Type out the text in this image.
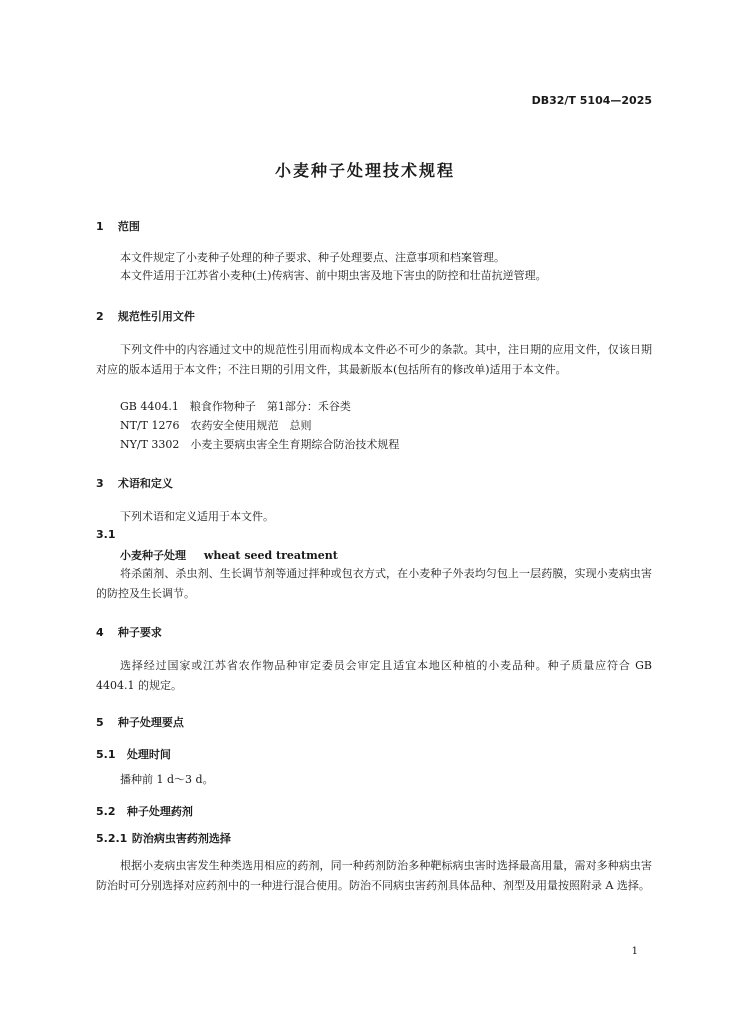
DB32/T 5104—2025
小麦种子处理技术规程
1 范围
本文件规定了小麦种子处理的种子要求、种子处理要点、注意事项和档案管理。
本文件适用于江苏省小麦种(土)传病害、前中期虫害及地下害虫的防控和壮苗抗逆管理。
2 规范性引用文件
下列文件中的内容通过文中的规范性引用而构成本文件必不可少的条款。其中，注日期的应用文件，仅该日期对应的版本适用于本文件；不注日期的引用文件，其最新版本(包括所有的修改单)适用于本文件。
GB 4404.1　粮食作物种子　第1部分：禾谷类
NT/T 1276　农药安全使用规范　总则
NY/T 3302　小麦主要病虫害全生育期综合防治技术规程
3 术语和定义
下列术语和定义适用于本文件。
3.1
小麦种子处理 wheat seed treatment
将杀菌剂、杀虫剂、生长调节剂等通过拌种或包衣方式，在小麦种子外表均匀包上一层药膜，实现小麦病虫害的防控及生长调节。
4 种子要求
选择经过国家或江苏省农作物品种审定委员会审定且适宜本地区种植的小麦品种。种子质量应符合 GB 4404.1 的规定。
5 种子处理要点
5.1 处理时间
播种前 1 d～3 d。
5.2 种子处理药剂
5.2.1 防治病虫害药剂选择
根据小麦病虫害发生种类选用相应的药剂，同一种药剂防治多种靶标病虫害时选择最高用量，需对多种病虫害防治时可分别选择对应药剂中的一种进行混合使用。防治不同病虫害药剂具体品种、剂型及用量按照附录 A 选择。
1
